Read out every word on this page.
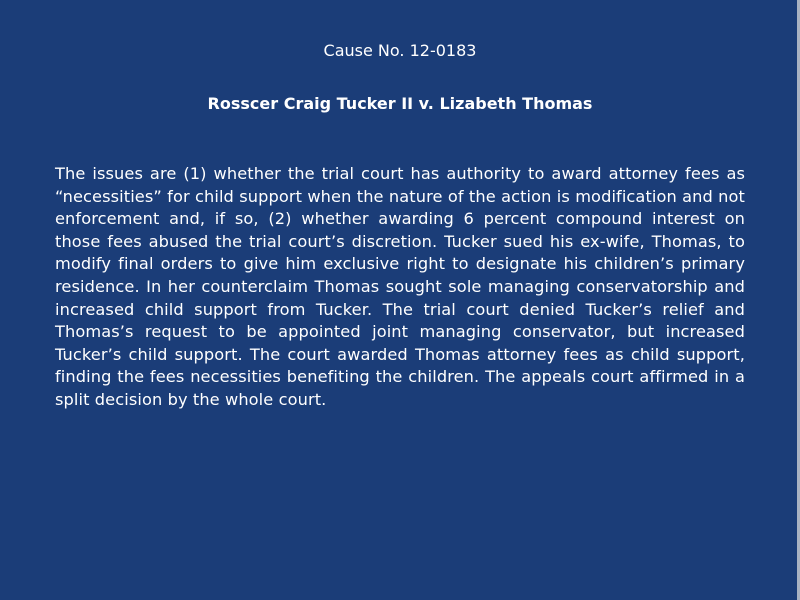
Cause No. 12-0183
Rosscer Craig Tucker II v. Lizabeth Thomas

The issues are (1) whether the trial court has authority to award attorney fees as “necessities” for child support when the nature of the action is modification and not enforcement and, if so, (2) whether awarding 6 percent compound interest on those fees abused the trial court’s discretion. Tucker sued his ex-wife, Thomas, to modify final orders to give him exclusive right to designate his children’s primary residence. In her counterclaim Thomas sought sole managing conservatorship and increased child support from Tucker. The trial court denied Tucker’s relief and Thomas’s request to be appointed joint managing conservator, but increased Tucker’s child support. The court awarded Thomas attorney fees as child support, finding the fees necessities benefiting the children. The appeals court affirmed in a split decision by the whole court.
